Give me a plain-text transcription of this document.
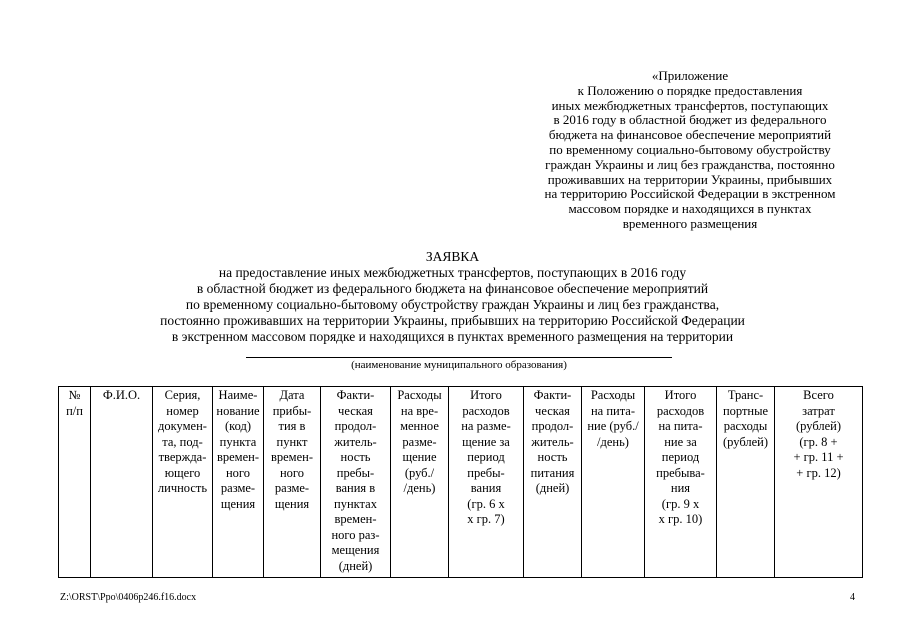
«Приложение
к Положению о порядке предоставления
иных межбюджетных трансфертов, поступающих
в 2016 году в областной бюджет из федерального
бюджета на финансовое обеспечение мероприятий
по временному социально-бытовому обустройству
граждан Украины и лиц без гражданства, постоянно
проживавших на территории Украины, прибывших
на территорию Российской Федерации в экстренном
массовом порядке и находящихся в пунктах
временного размещения
ЗАЯВКА
на предоставление иных межбюджетных трансфертов, поступающих в 2016 году
в областной бюджет из федерального бюджета на финансовое обеспечение мероприятий
по временному социально-бытовому обустройству граждан Украины и лиц без гражданства,
постоянно проживавших на территории Украины, прибывших на территорию Российской Федерации
в экстренном массовом порядке и находящихся в пунктах временного размещения на территории
(наименование муниципального образования)
№
п/п

Ф.И.О.	Серия,
номер
докумен-
та, под-
твержда-
ющего
личность

Наиме-
нование
(код)
пункта
времен-
ного
разме-
щения

Дата
прибы-
тия в
пункт
времен-
ного
разме-
щения

Факти-
ческая
продол-
житель-
ность
пребы-
вания в
пунктах
времен-
ного раз-
мещения
(дней)

Расходы
на вре-
менное
разме-
щение
(руб./
/день)

Итого
расходов
на разме-
щение за
период
пребы-
вания
(гр. 6 х
х гр. 7)

Факти-
ческая
продол-
житель-
ность
питания
(дней)

Расходы
на пита-
ние (руб./
/день)

Итого
расходов
на пита-
ние за
период
пребыва-
ния
(гр. 9 х
х гр. 10)

Транс-
портные
расходы
(рублей)

Всего
затрат
(рублей)
(гр. 8 +
+ гр. 11 +
+ гр. 12)
Z:\ORST\Ppo\0406p246.f16.docx	4
